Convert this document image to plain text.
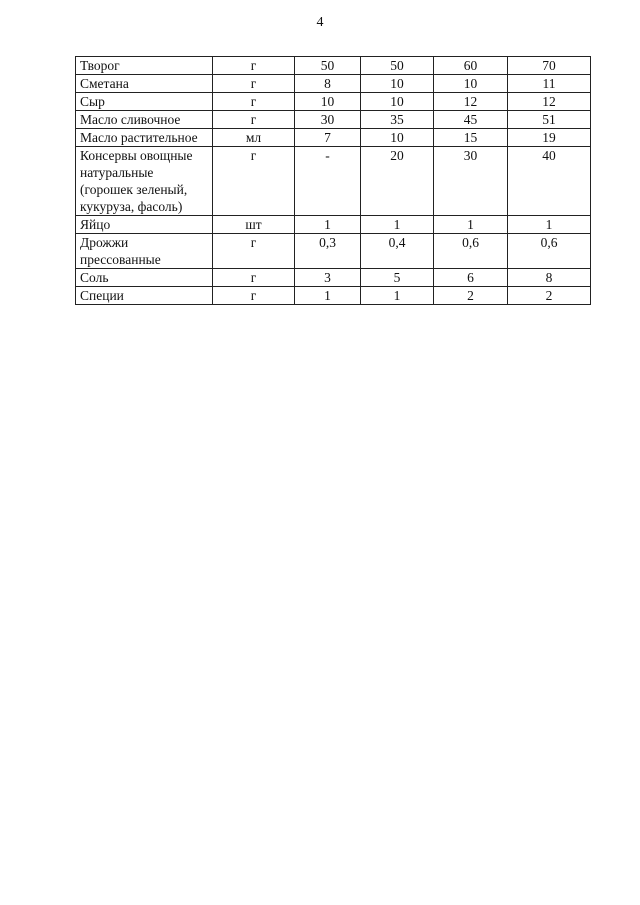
4
Творог	г	50	50	60	70
Сметана	г	8	10	10	11
Сыр	г	10	10	12	12
Масло сливочное	г	30	35	45	51
Масло растительное	мл	7	10	15	19
Консервы овощные натуральные (горошек зеленый, кукуруза, фасоль)	г	-	20	30	40
Яйцо	шт	1	1	1	1
Дрожжи прессованные	г	0,3	0,4	0,6	0,6
Соль	г	3	5	6	8
Специи	г	1	1	2	2
